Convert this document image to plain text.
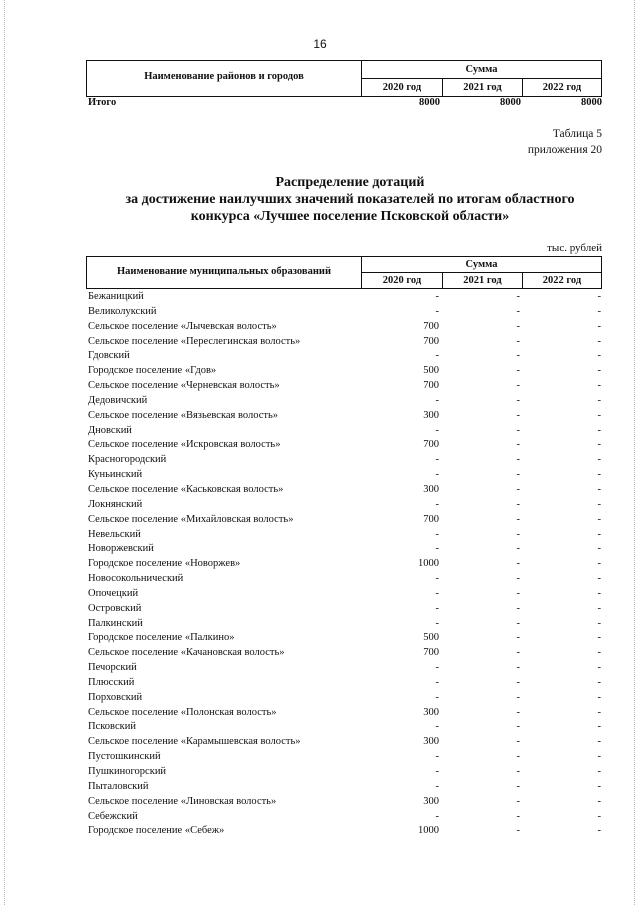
16
Наименование районов и городов
Сумма
2020 год	2021 год	2022 год
Итого	8000	8000	8000
Таблица 5
приложения 20
Распределение дотаций
за достижение наилучших значений показателей по итогам областного
конкурса «Лучшее поселение Псковской области»
тыс. рублей
Наименование муниципальных образований
Сумма
2020 год	2021 год	2022 год
Бежаницкий	-	-	-
Великолукский	-	-	-
Сельское поселение «Лычевская волость»	700	-	-
Сельское поселение «Переслегинская волость»	700	-	-
Гдовский	-	-	-
Городское поселение «Гдов»	500	-	-
Сельское поселение «Черневская волость»	700	-	-
Дедовичский	-	-	-
Сельское поселение «Вязьевская волость»	300	-	-
Дновский	-	-	-
Сельское поселение «Искровская волость»	700	-	-
Красногородский	-	-	-
Куньинский	-	-	-
Сельское поселение «Каськовская волость»	300	-	-
Локнянский	-	-	-
Сельское поселение «Михайловская волость»	700	-	-
Невельский	-	-	-
Новоржевский	-	-	-
Городское поселение «Новоржев»	1000	-	-
Новосокольнический	-	-	-
Опочецкий	-	-	-
Островский	-	-	-
Палкинский	-	-	-
Городское поселение «Палкино»	500	-	-
Сельское поселение «Качановская волость»	700	-	-
Печорский	-	-	-
Плюсский	-	-	-
Порховский	-	-	-
Сельское поселение «Полонская волость»	300	-	-
Псковский	-	-	-
Сельское поселение «Карамышевская волость»	300	-	-
Пустошкинский	-	-	-
Пушкиногорский	-	-	-
Пыталовский	-	-	-
Сельское поселение «Линовская волость»	300	-	-
Себежский	-	-	-
Городское поселение «Себеж»	1000	-	-
